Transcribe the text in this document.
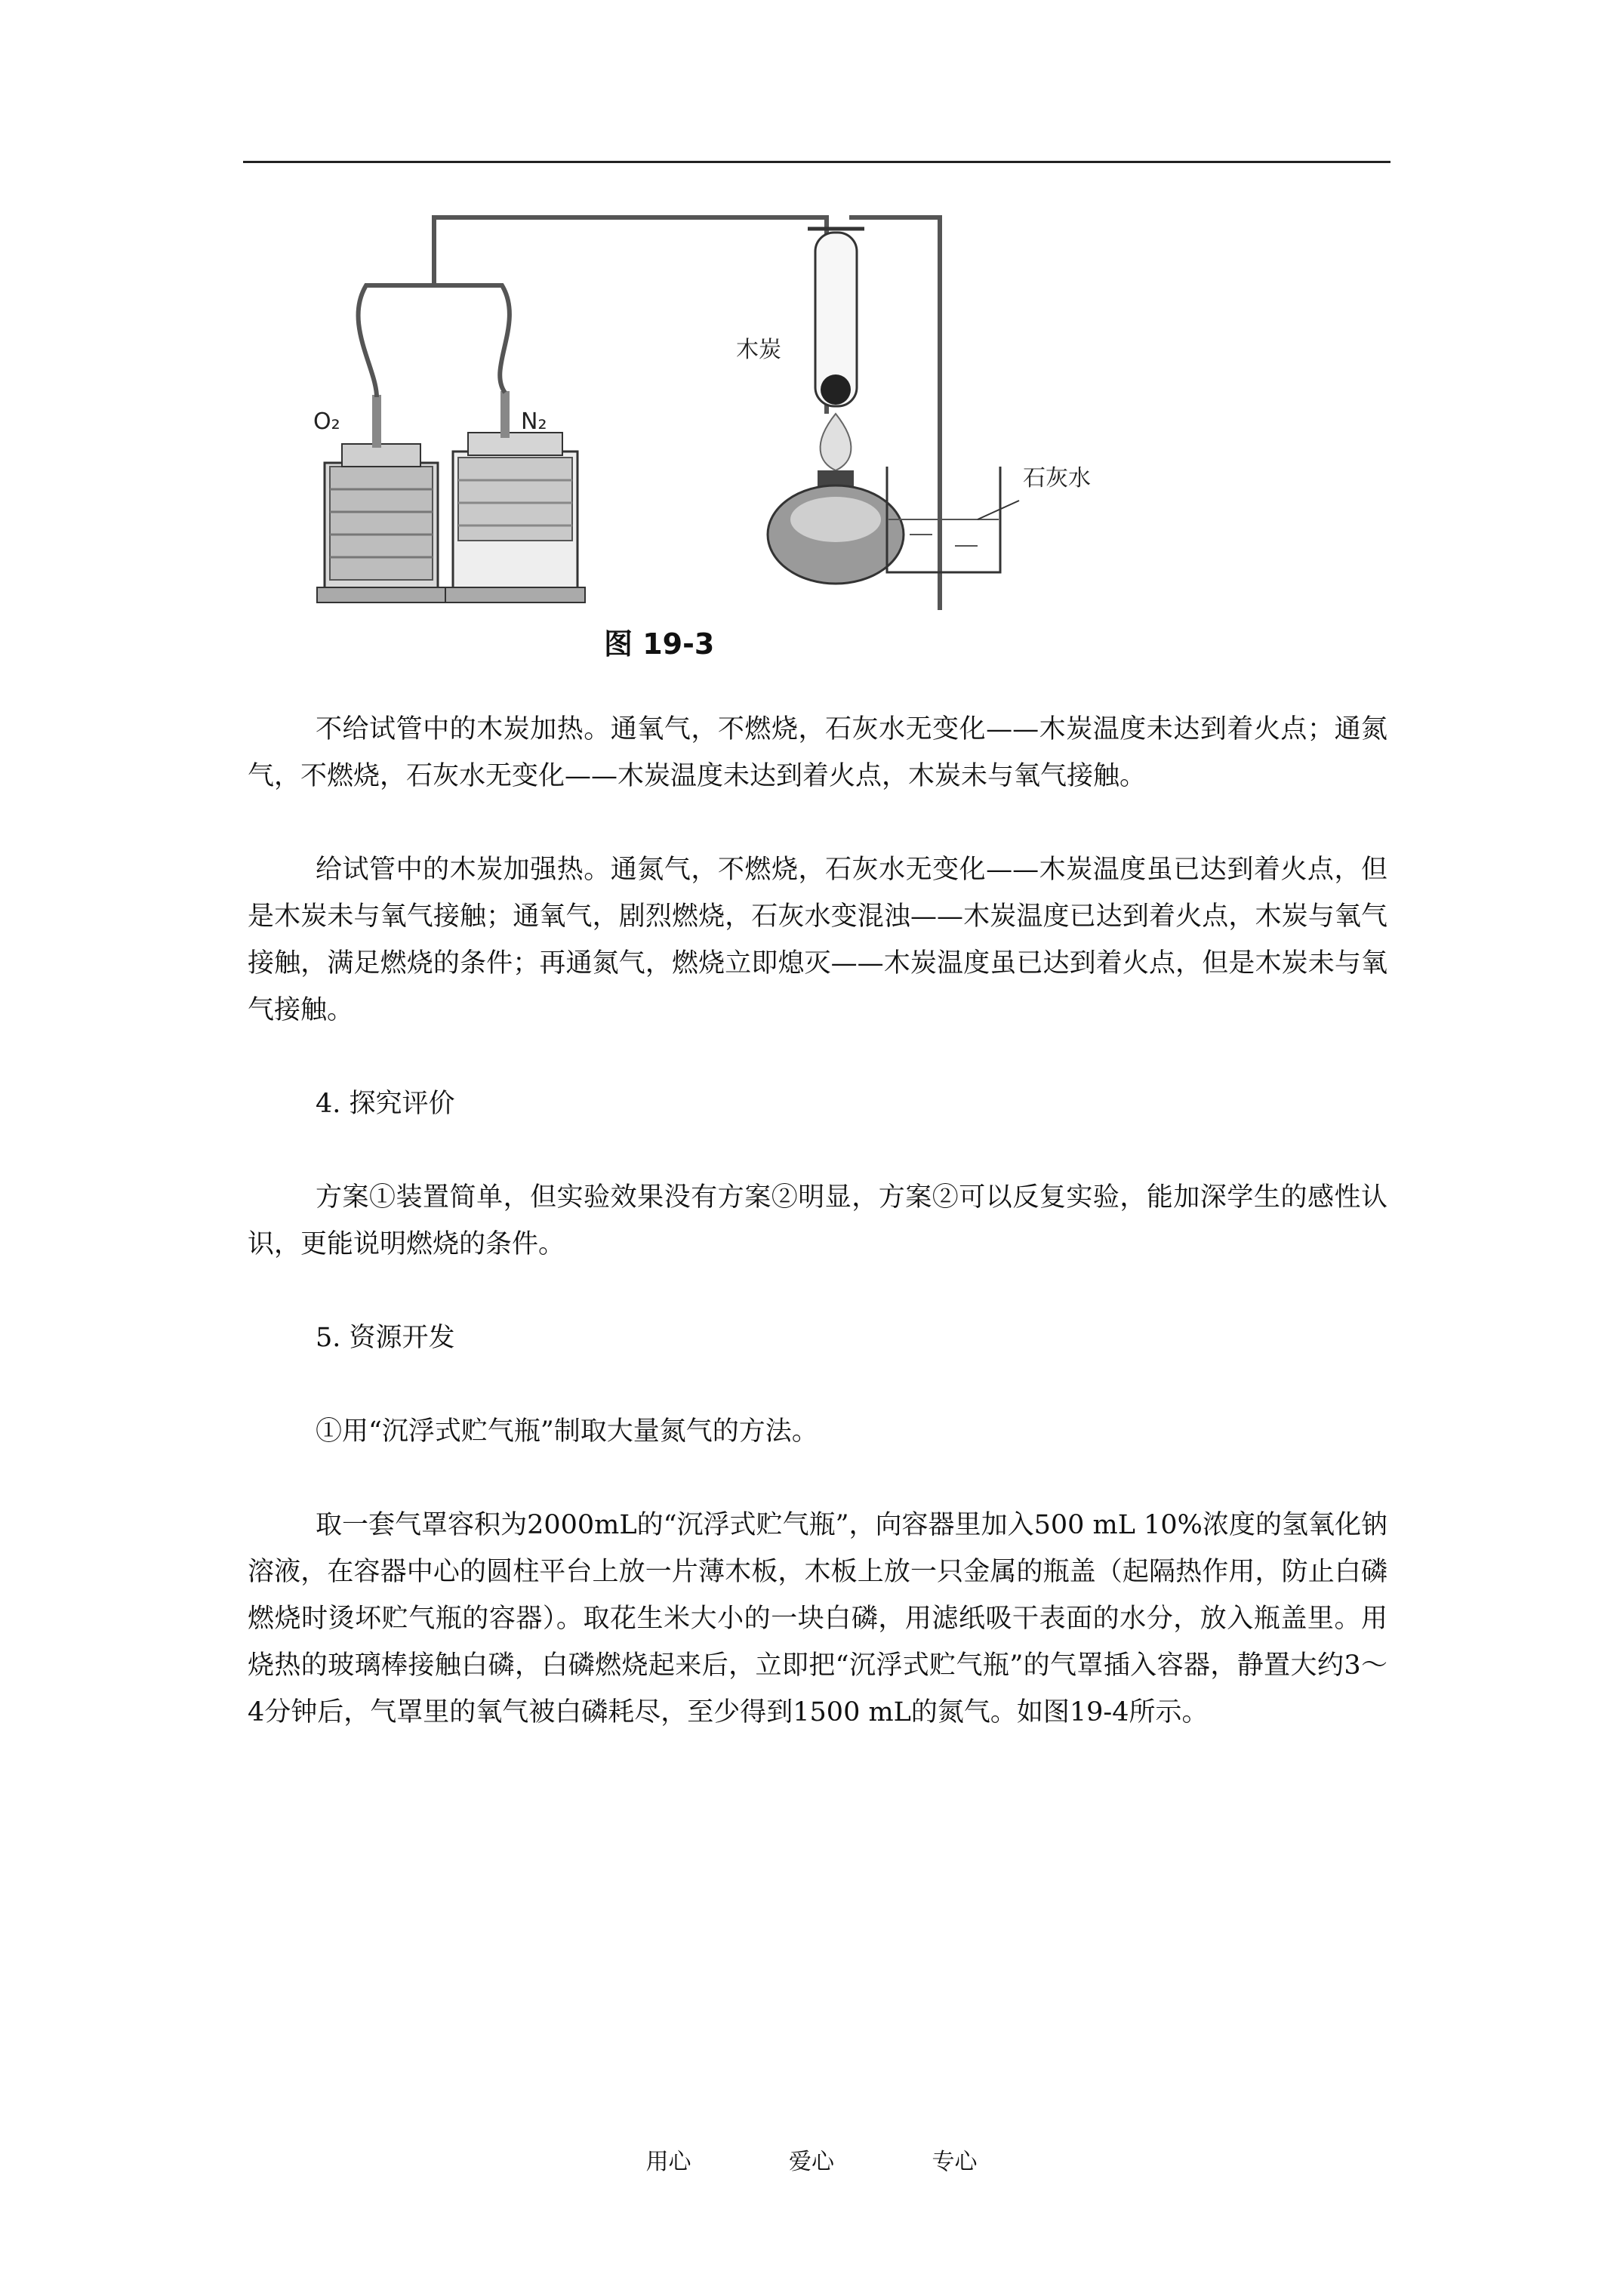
O₂	N₂
木炭
石灰水
图 19-3

不给试管中的木炭加热。通氧气，不燃烧，石灰水无变化——木炭温度未达到着火点；通氮气，不燃烧，石灰水无变化——木炭温度未达到着火点，木炭未与氧气接触。

给试管中的木炭加强热。通氮气，不燃烧，石灰水无变化——木炭温度虽已达到着火点，但是木炭未与氧气接触；通氧气，剧烈燃烧，石灰水变混浊——木炭温度已达到着火点，木炭与氧气接触，满足燃烧的条件；再通氮气，燃烧立即熄灭——木炭温度虽已达到着火点，但是木炭未与氧气接触。

4. 探究评价

方案①装置简单，但实验效果没有方案②明显，方案②可以反复实验，能加深学生的感性认识，更能说明燃烧的条件。

5. 资源开发

①用“沉浮式贮气瓶”制取大量氮气的方法。

取一套气罩容积为2000mL的“沉浮式贮气瓶”，向容器里加入500 mL 10%浓度的氢氧化钠溶液，在容器中心的圆柱平台上放一片薄木板，木板上放一只金属的瓶盖（起隔热作用，防止白磷燃烧时烫坏贮气瓶的容器）。取花生米大小的一块白磷，用滤纸吸干表面的水分，放入瓶盖里。用烧热的玻璃棒接触白磷，白磷燃烧起来后，立即把“沉浮式贮气瓶”的气罩插入容器，静置大约3～4分钟后，气罩里的氧气被白磷耗尽，至少得到1500 mL的氮气。如图19-4所示。

用心	爱心	专心
